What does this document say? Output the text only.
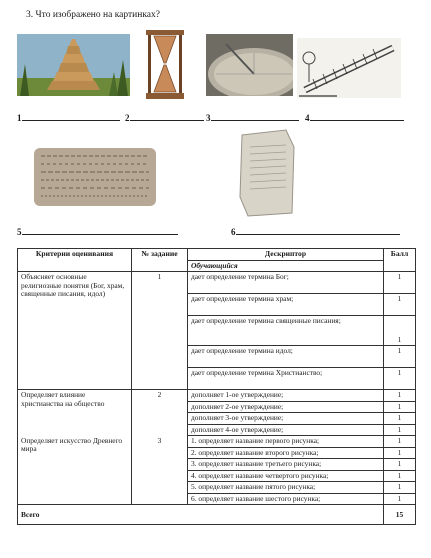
3. Что изображено на картинках?
1	2	3	4
5	6
Критерии оценивания	№ задание	Дескриптор	Балл
		Обучающийся	
Объясняет основные религиозные понятия (Бог, храм, священные писания, идол)	1	дает определение термина Бог;	1
		дает определение термина храм;	1
		дает определение термина священные писания;	1
		дает определение термина идол;	1
		дает определение термина Христианство;	1
Определяет влияние христианства на общество	2	дополняет 1-ое утверждение;	1
		дополняет 2-ое утверждение;	1
		дополняет 3-ое утверждение;	1
		дополняет 4-ое утверждение;	1
Определяет искусство Древнего мира	3	1. определяет название первого рисунка;	1
		2. определяет название второго рисунка;	1
		3. определяет название третьего рисунка;	1
		4. определяет название четвертого рисунка;	1
		5. определяет название пятого рисунка;	1
		6. определяет название шестого рисунка;	1
Всего			15
